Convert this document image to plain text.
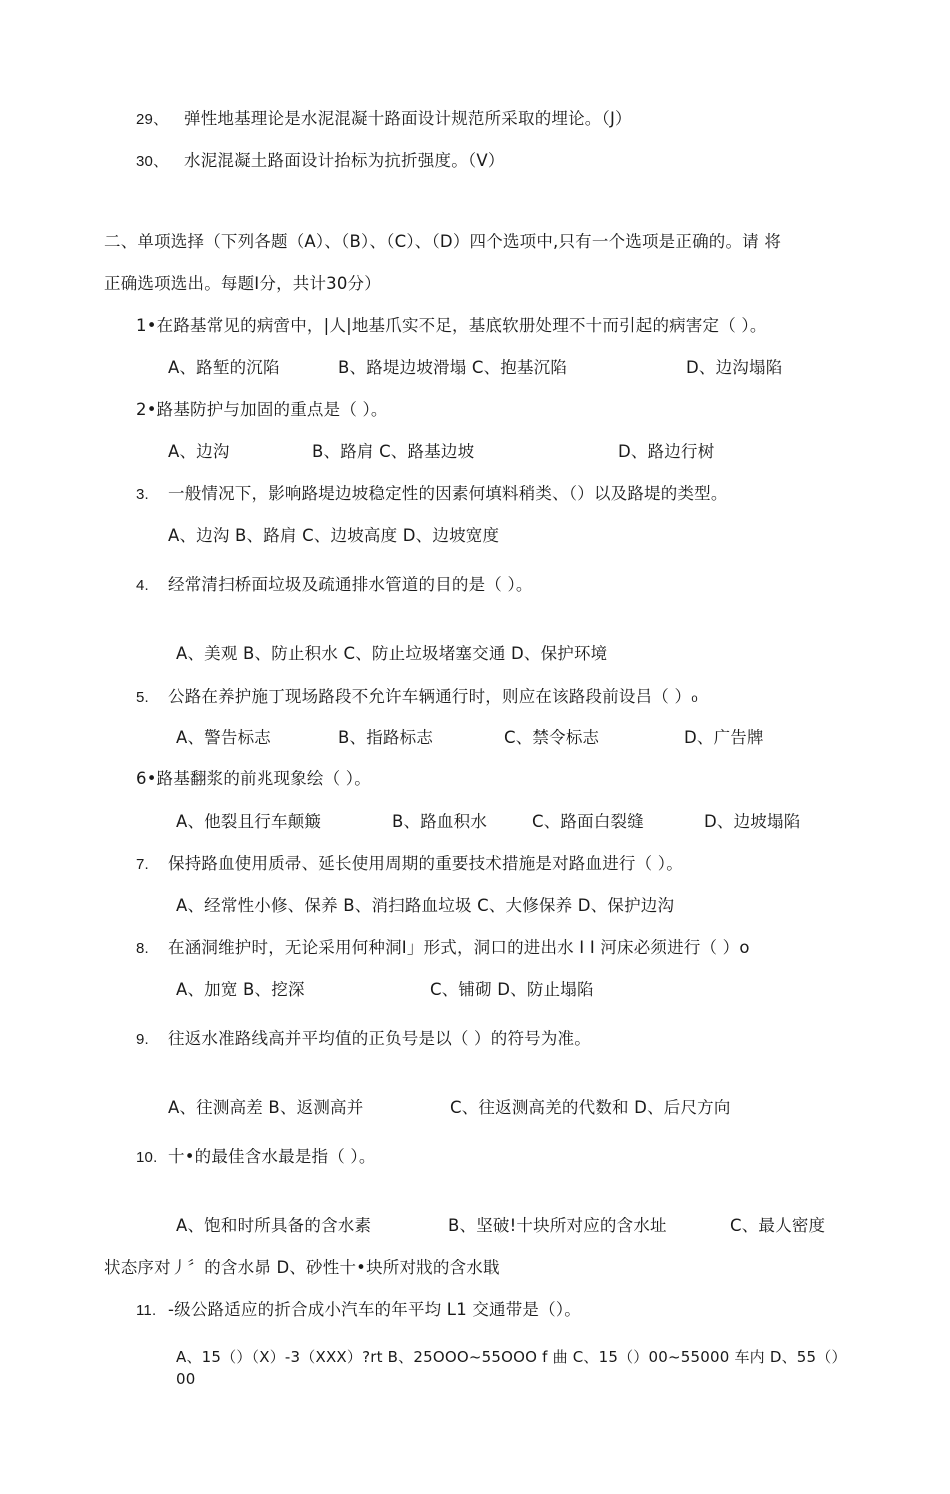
29、 弹性地基理论是水泥混凝十路面设计规范所采取的埋论。（J）
30、 水泥混凝土路面设计抬标为抗折强度。（V）
二、单项选择（下列各题（A）、（B）、（C）、（D）四个选项中,只有一个选项是正确的。请 将
正确选项选出。每题I分，共计30分）
1•在路基常见的病啻中，|人|地基爪实不足，基底软册处理不十而引起的病害定（ ）。
A、路堑的沉陷	B、路堤边坡滑塌 C、抱基沉陷	D、边沟塌陷
2•路基防护与加固的重点是（ ）。
A、边沟	B、路肩 C、路基边坡	D、路边行树
3. 一般情况下，影响路堤边坡稳定性的因素何填料稍类、（）以及路堤的类型。
A、边沟 B、路肩 C、边坡高度 D、边坡宽度
4. 经常清扫桥面垃圾及疏通排水管道的目的是（ ）。
A、美观 B、防止积水 C、防止垃圾堵塞交通 D、保护环境
5. 公路在养护施丁现场路段不允许车辆通行时，则应在该路段前设吕（ ）₀
A、警告标志	B、指路标志	C、禁令标志	D、广告牌
6•路基翻浆的前兆现象绘（ ）。
A、他裂且行车颠簸	B、路血积水	C、路面白裂缝	D、边坡塌陷
7. 保持路血使用质帚、延长使用周期的重要技术措施是对路血进行（ ）。
A、经常性小修、保养 B、消扫路血垃圾 C、大修保养 D、保护边沟
8. 在涵洞维护时，无论采用何种洞I」形式，洞口的进出水 I I 河床必须进行（ ）o
A、加宽 B、挖深	C、铺砌 D、防止塌陷
9. 往返水准路线高并平均值的正负号是以（ ）的符号为准。
A、往测高差 B、返测高并	C、往返测高羌的代数和 D、后尺方向
10. 十•的最佳含水最是指（ ）。
A、饱和时所具备的含水素	B、坚破!十块所对应的含水址	C、最人密度
状态序对丿〞的含水昴 D、砂性十•块所对戕的含水戢
11. -级公路适应的折合成小汽车的年平均 L1 交通带是（）。
A、15（）（X）-3（XXX）?rt B、25OOO~55OOO f 曲 C、15（）00~55000 车内 D、55（）
00
